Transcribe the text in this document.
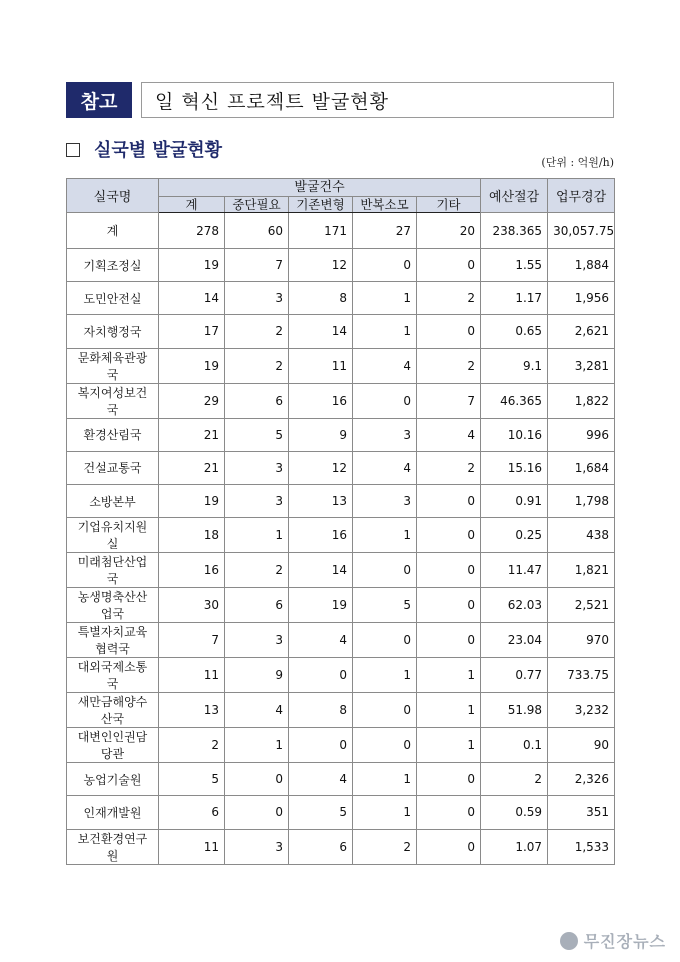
참고	일 혁신 프로젝트 발굴현황
실국별 발굴현황
(단위 : 억원/h)
실국명	발굴건수					예산절감	업무경감
	계	중단필요	기존변형	반복소모	기타		
계	278	60	171	27	20	238.365	30,057.75
기획조정실	19	7	12	0	0	1.55	1,884
도민안전실	14	3	8	1	2	1.17	1,956
자치행정국	17	2	14	1	0	0.65	2,621
문화체육관광국	19	2	11	4	2	9.1	3,281
복지여성보건국	29	6	16	0	7	46.365	1,822
환경산림국	21	5	9	3	4	10.16	996
건설교통국	21	3	12	4	2	15.16	1,684
소방본부	19	3	13	3	0	0.91	1,798
기업유치지원실	18	1	16	1	0	0.25	438
미래첨단산업국	16	2	14	0	0	11.47	1,821
농생명축산산업국	30	6	19	5	0	62.03	2,521
특별자치교육협력국	7	3	4	0	0	23.04	970
대외국제소통국	11	9	0	1	1	0.77	733.75
새만금해양수산국	13	4	8	0	1	51.98	3,232
대변인인권담당관	2	1	0	0	1	0.1	90
농업기술원	5	0	4	1	0	2	2,326
인재개발원	6	0	5	1	0	0.59	351
보건환경연구원	11	3	6	2	0	1.07	1,533
무진장뉴스
